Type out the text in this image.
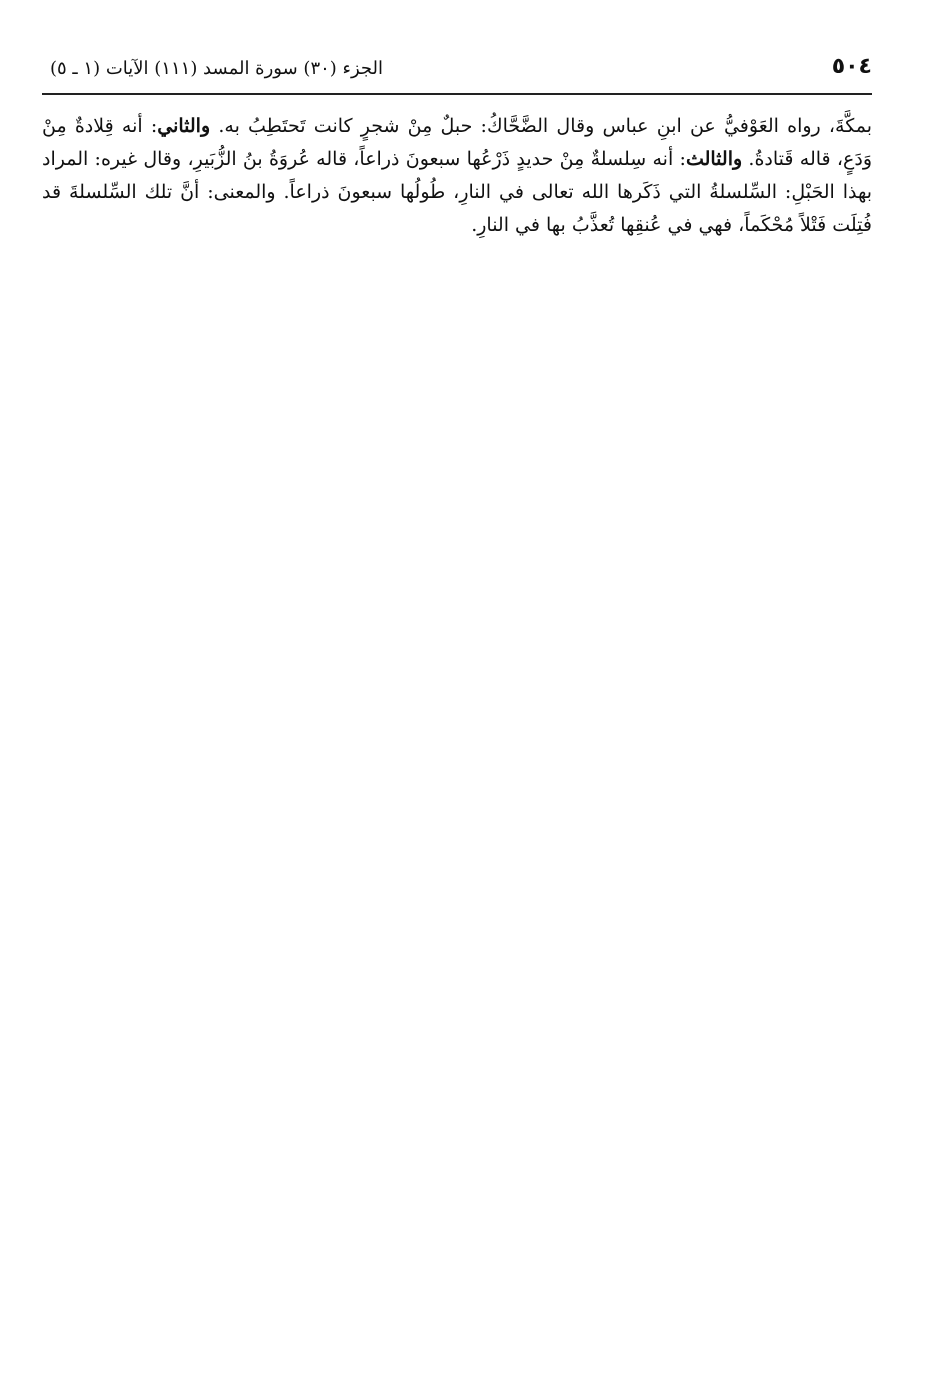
٥٠٤
الجزء (٣٠) سورة المسد (١١١) الآيات (١ ـ ٥)

بمكَّةَ، رواه العَوْفيُّ عن ابنِ عباس وقال الضَّحَّاكُ: حبلٌ مِنْ شجرٍ كانت تَحتَطِبُ به. والثاني: أنه قِلادةٌ مِنْ وَدَعٍ، قاله قَتادةُ. والثالث: أنه سِلسلةٌ مِنْ حديدٍ ذَرْعُها سبعونَ ذراعاً، قاله عُروَةُ بنُ الزُّبَيرِ، وقال غيره: المراد بهذا الحَبْلِ: السِّلسلةُ التي ذَكَرها الله تعالى في النارِ، طُولُها سبعونَ ذراعاً. والمعنى: أنَّ تلك السِّلسلةَ قد فُتِلَت فَتْلاً مُحْكَماً، فهي في عُنقِها تُعذَّبُ بها في النارِ.
